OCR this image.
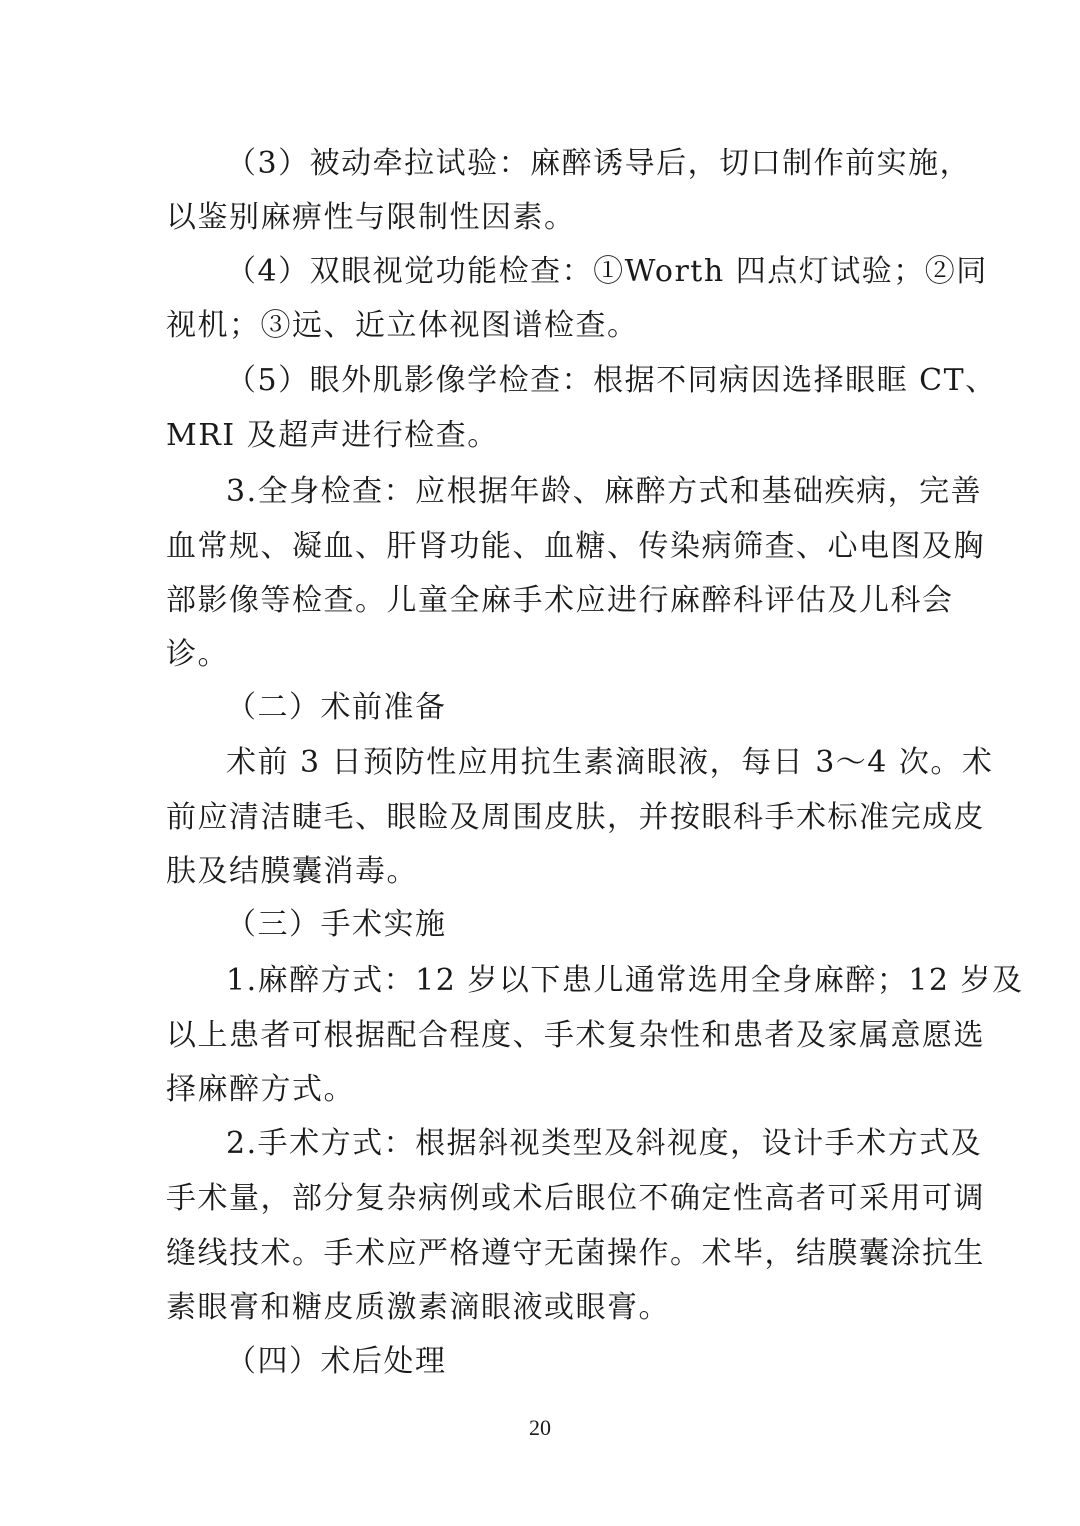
（3）被动牵拉试验：麻醉诱导后，切口制作前实施，
以鉴别麻痹性与限制性因素。
（4）双眼视觉功能检查：①Worth 四点灯试验；②同
视机；③远、近立体视图谱检查。
（5）眼外肌影像学检查：根据不同病因选择眼眶 CT、
MRI 及超声进行检查。
3.全身检查：应根据年龄、麻醉方式和基础疾病，完善
血常规、凝血、肝肾功能、血糖、传染病筛查、心电图及胸
部影像等检查。儿童全麻手术应进行麻醉科评估及儿科会
诊。
（二）术前准备
术前 3 日预防性应用抗生素滴眼液，每日 3～4 次。术
前应清洁睫毛、眼睑及周围皮肤，并按眼科手术标准完成皮
肤及结膜囊消毒。
（三）手术实施
1.麻醉方式：12 岁以下患儿通常选用全身麻醉；12 岁及
以上患者可根据配合程度、手术复杂性和患者及家属意愿选
择麻醉方式。
2.手术方式：根据斜视类型及斜视度，设计手术方式及
手术量，部分复杂病例或术后眼位不确定性高者可采用可调
缝线技术。手术应严格遵守无菌操作。术毕，结膜囊涂抗生
素眼膏和糖皮质激素滴眼液或眼膏。
（四）术后处理
20
